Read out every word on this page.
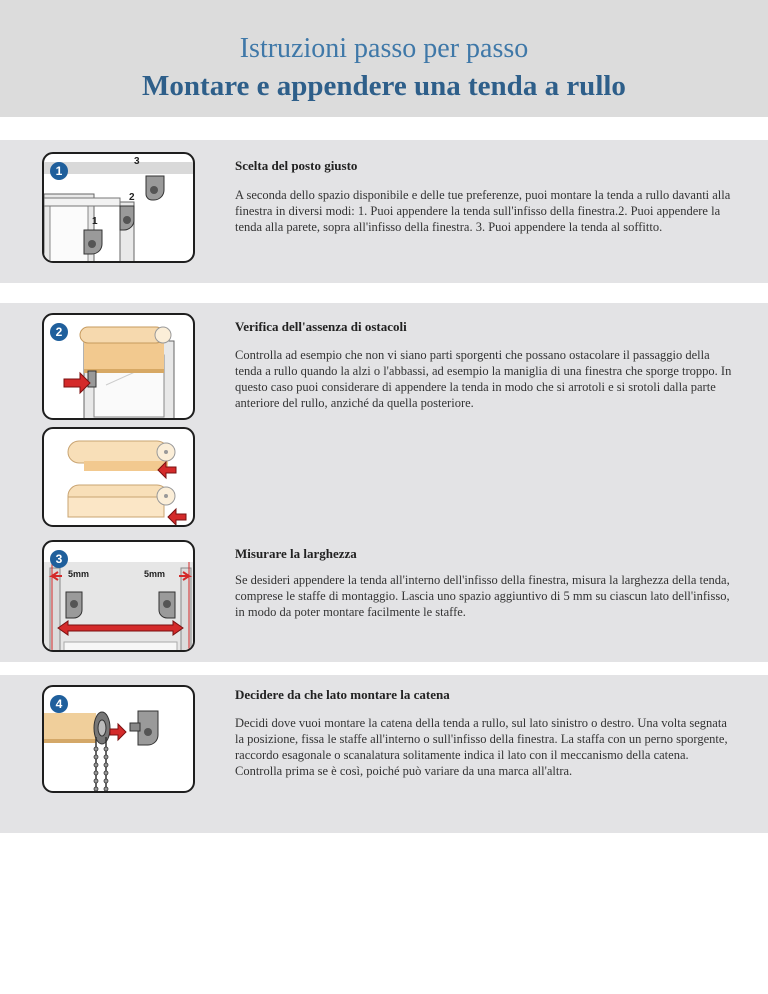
Istruzioni passo per passo
Montare e appendere una tenda a rullo
1
3
2
1
Scelta del posto giusto
A seconda dello spazio disponibile e delle tue preferenze, puoi montare la tenda a rullo davanti alla finestra in diversi modi: 1. Puoi appendere la tenda sull'infisso della finestra.2. Puoi appendere la tenda alla parete, sopra all'infisso della finestra. 3. Puoi appendere la tenda al soffitto.
2	Verifica dell'assenza di ostacoli
Controlla ad esempio che non vi siano parti sporgenti che possano ostacolare il passaggio della tenda a rullo quando la alzi o l'abbassi, ad esempio la maniglia di una finestra che sporge troppo. In questo caso puoi considerare di appendere la tenda in modo che si arrotoli e si srotoli dalla parte anteriore del rullo, anziché da quella posteriore.
3
5mm	5mm
Misurare la larghezza
Se desideri appendere la tenda all'interno dell'infisso della finestra, misura la larghezza della tenda, comprese le staffe di montaggio. Lascia uno spazio aggiuntivo di 5 mm su ciascun lato dell'infisso, in modo da poter montare facilmente le staffe.
4
Decidere da che lato montare la catena
Decidi dove vuoi montare la catena della tenda a rullo, sul lato sinistro o destro. Una volta segnata la posizione, fissa le staffe all'interno o sull'infisso della finestra. La staffa con un perno sporgente, raccordo esagonale o scanalatura solitamente indica il lato con il meccanismo della catena. Controlla prima se è così, poiché può variare da una marca all'altra.
